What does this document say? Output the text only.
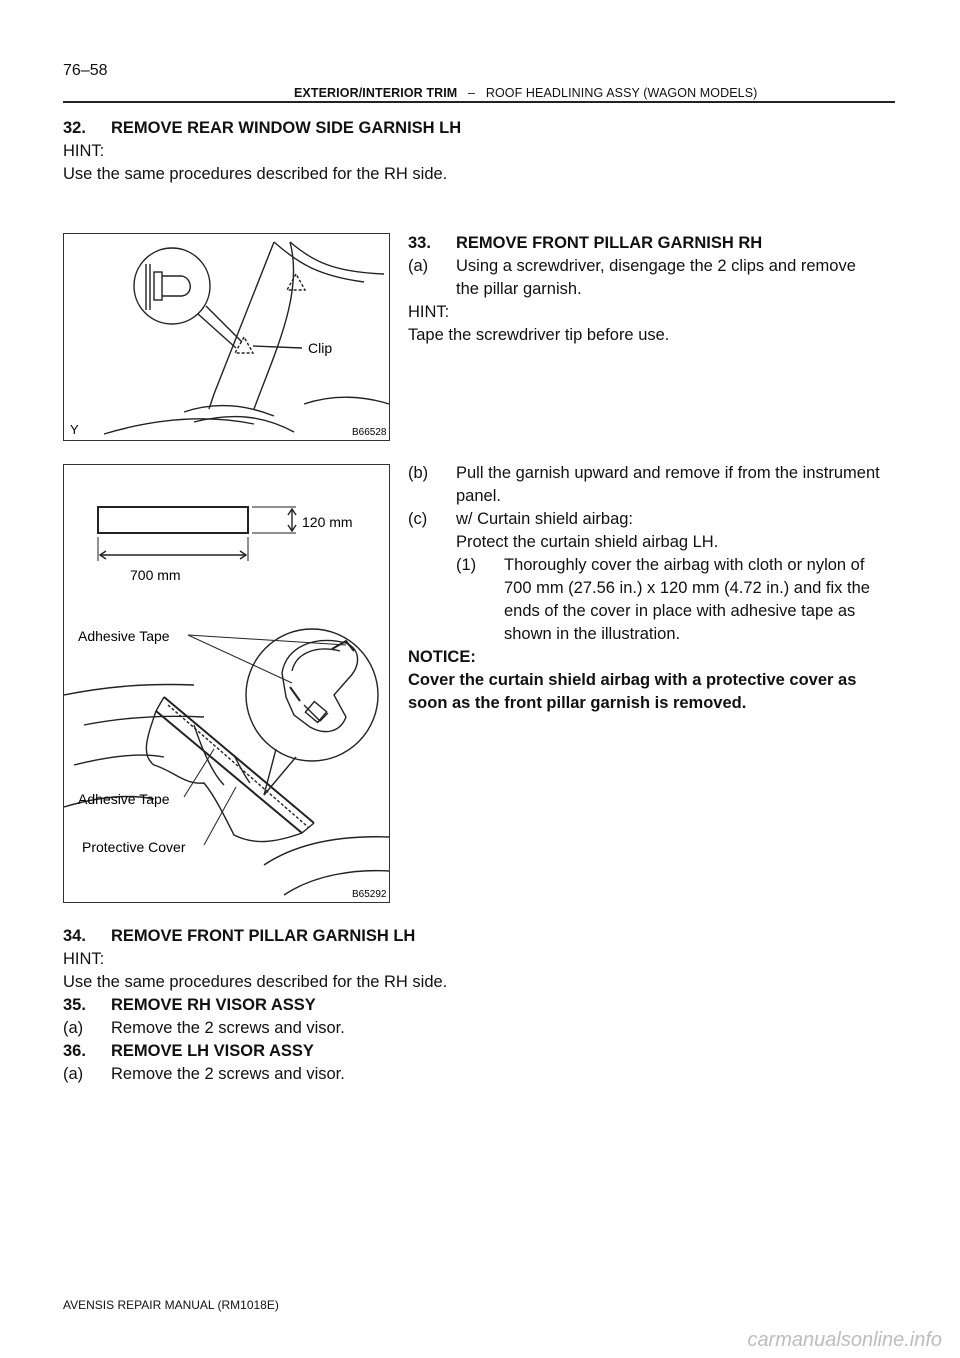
76–58
EXTERIOR/INTERIOR TRIM – ROOF HEADLINING ASSY (WAGON MODELS)
32. REMOVE REAR WINDOW SIDE GARNISH LH
HINT:
Use the same procedures described for the RH side.
Clip
Y	B66528
33. REMOVE FRONT PILLAR GARNISH RH
(a) Using a screwdriver, disengage the 2 clips and remove
the pillar garnish.
HINT:
Tape the screwdriver tip before use.
120 mm
700 mm
Adhesive Tape
Adhesive Tape
Protective Cover
B65292
(b) Pull the garnish upward and remove if from the instrument
panel.
(c) w/ Curtain shield airbag:
Protect the curtain shield airbag LH.
(1) Thoroughly cover the airbag with cloth or nylon of
700 mm (27.56 in.) x 120 mm (4.72 in.) and fix the
ends of the cover in place with adhesive tape as
shown in the illustration.
NOTICE:
Cover the curtain shield airbag with a protective cover as
soon as the front pillar garnish is removed.
34. REMOVE FRONT PILLAR GARNISH LH
HINT:
Use the same procedures described for the RH side.
35. REMOVE RH VISOR ASSY
(a) Remove the 2 screws and visor.
36. REMOVE LH VISOR ASSY
(a) Remove the 2 screws and visor.
AVENSIS REPAIR MANUAL (RM1018E)
carmanualsonline.info
